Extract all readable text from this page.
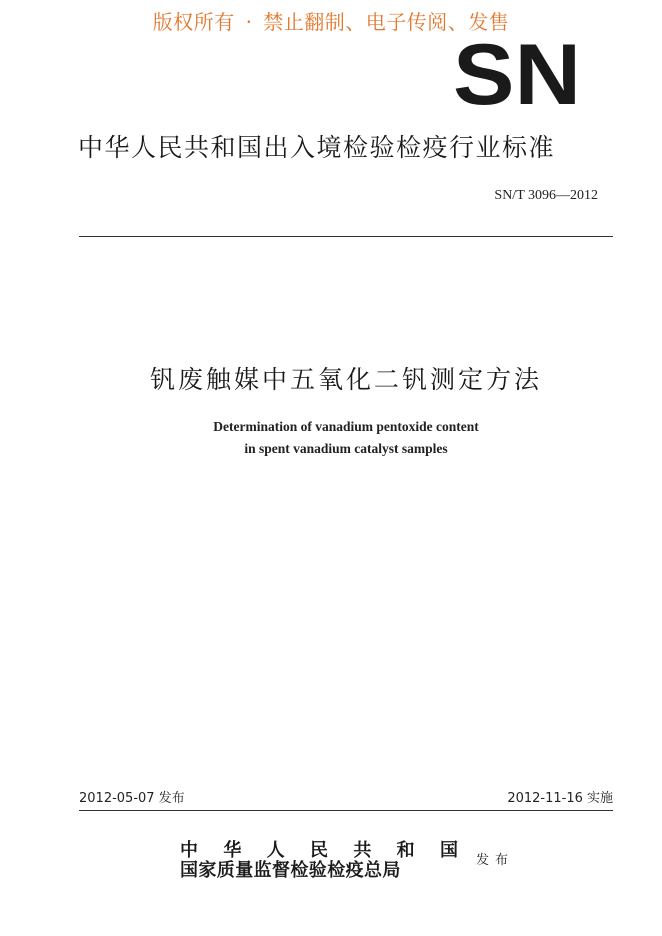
版权所有 · 禁止翻制、电子传阅、发售
SN
中华人民共和国出入境检验检疫行业标准
SN/T 3096—2012
钒废触媒中五氧化二钒测定方法
Determination of vanadium pentoxide content
in spent vanadium catalyst samples
2012-05-07 发布	2012-11-16 实施
中 华 人 民 共 和 国
国家质量监督检验检疫总局	发布
